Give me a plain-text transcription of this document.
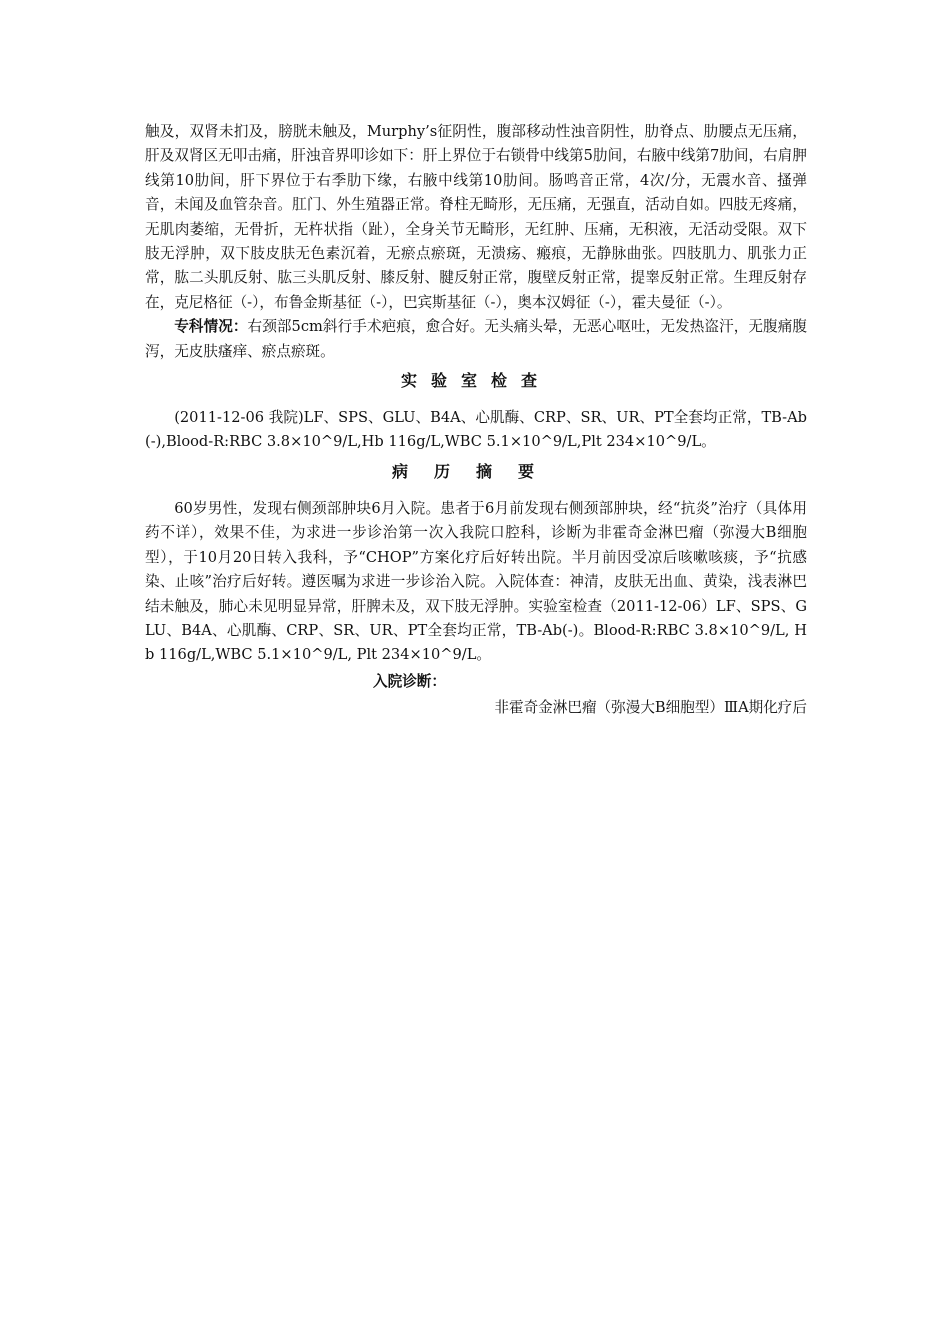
触及，双肾未扪及，膀胱未触及，Murphy’s征阴性，腹部移动性浊音阴性，肋脊点、肋腰点无压痛，肝及双肾区无叩击痛，肝浊音界叩诊如下：肝上界位于右锁骨中线第5肋间，右腋中线第7肋间，右肩胛线第10肋间，肝下界位于右季肋下缘，右腋中线第10肋间。肠鸣音正常，4次/分，无震水音、搔弹音，未闻及血管杂音。肛门、外生殖器正常。脊柱无畸形，无压痛，无强直，活动自如。四肢无疼痛，无肌肉萎缩，无骨折，无杵状指（趾），全身关节无畸形，无红肿、压痛，无积液，无活动受限。双下肢无浮肿，双下肢皮肤无色素沉着，无瘀点瘀斑，无溃疡、瘢痕，无静脉曲张。四肢肌力、肌张力正常，肱二头肌反射、肱三头肌反射、膝反射、腱反射正常，腹壁反射正常，提睾反射正常。生理反射存在，克尼格征（-），布鲁金斯基征（-），巴宾斯基征（-），奥本汉姆征（-），霍夫曼征（-）。

专科情况：右颈部5cm斜行手术疤痕，愈合好。无头痛头晕，无恶心呕吐，无发热盗汗，无腹痛腹泻，无皮肤瘙痒、瘀点瘀斑。

实验室检查

(2011-12-06 我院)LF、SPS、GLU、B4A、心肌酶、CRP、SR、UR、PT全套均正常，TB-Ab(-),Blood-R:RBC 3.8×10^9/L,Hb 116g/L,WBC 5.1×10^9/L,Plt 234×10^9/L。

病历摘要

60岁男性，发现右侧颈部肿块6月入院。患者于6月前发现右侧颈部肿块，经“抗炎”治疗（具体用药不详），效果不佳，为求进一步诊治第一次入我院口腔科，诊断为非霍奇金淋巴瘤（弥漫大B细胞型），于10月20日转入我科，予“CHOP”方案化疗后好转出院。半月前因受凉后咳嗽咳痰，予“抗感染、止咳”治疗后好转。遵医嘱为求进一步诊治入院。入院体查：神清，皮肤无出血、黄染，浅表淋巴结未触及，肺心未见明显异常，肝脾未及，双下肢无浮肿。实验室检查（2011-12-06）LF、SPS、GLU、B4A、心肌酶、CRP、SR、UR、PT全套均正常，TB-Ab(-)。Blood-R:RBC 3.8×10^9/L, Hb 116g/L,WBC 5.1×10^9/L, Plt 234×10^9/L。

入院诊断：

非霍奇金淋巴瘤（弥漫大B细胞型）ⅢA期化疗后
